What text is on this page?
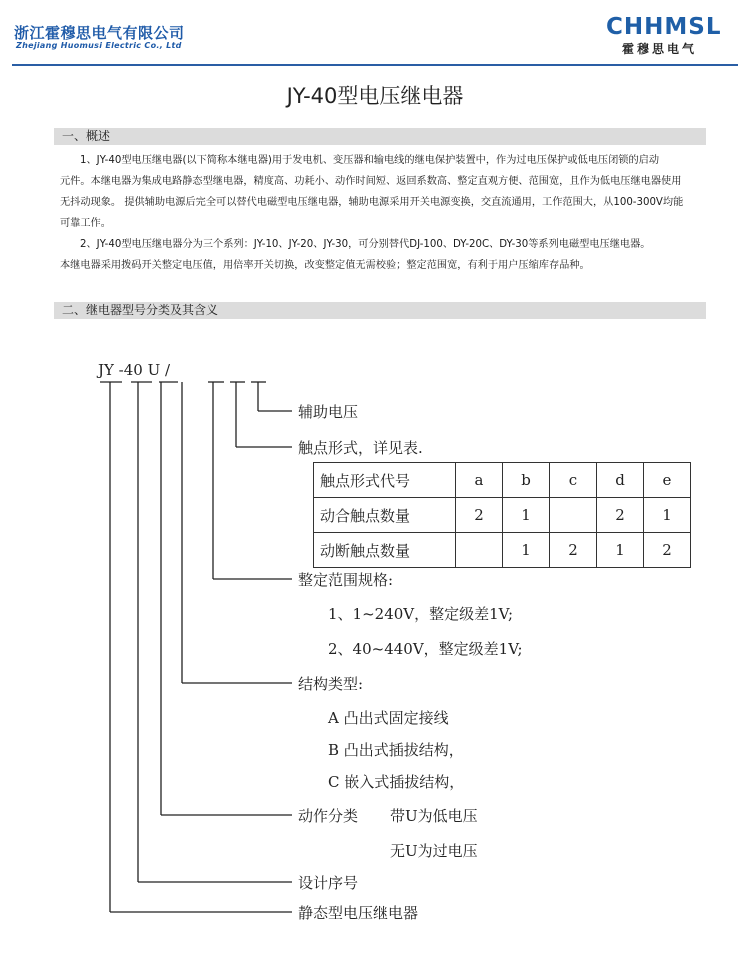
浙江霍穆思电气有限公司
Zhejiang Huomusi Electric Co., Ltd
CHHMSL
霍穆思电气
JY-40型电压继电器
一、概述
1、JY-40型电压继电器(以下简称本继电器)用于发电机、变压器和输电线的继电保护装置中，作为过电压保护或低电压闭锁的启动
元件。本继电器为集成电路静态型继电器，精度高、功耗小、动作时间短、返回系数高、整定直观方便、范围宽，且作为低电压继电器使用
无抖动现象。 提供辅助电源后完全可以替代电磁型电压继电器，辅助电源采用开关电源变换，交直流通用，工作范围大，从100-300V均能
可靠工作。
2、JY-40型电压继电器分为三个系列：JY-10、JY-20、JY-30，可分别替代DJ-100、DY-20C、DY-30等系列电磁型电压继电器。
本继电器采用拨码开关整定电压值，用倍率开关切换，改变整定值无需校验；整定范围宽，有利于用户压缩库存品种。
二、继电器型号分类及其含义
JY -40 U /
辅助电压
触点形式，详见表.
触点形式代号	a	b	c	d	e
动合触点数量	2	1		2	1
动断触点数量		1	2	1	2
整定范围规格:
1、1~240V，整定级差1V;
2、40~440V，整定级差1V;
结构类型:
A 凸出式固定接线
B 凸出式插拔结构，
C 嵌入式插拔结构，
动作分类 带U为低电压
无U为过电压
设计序号
静态型电压继电器
